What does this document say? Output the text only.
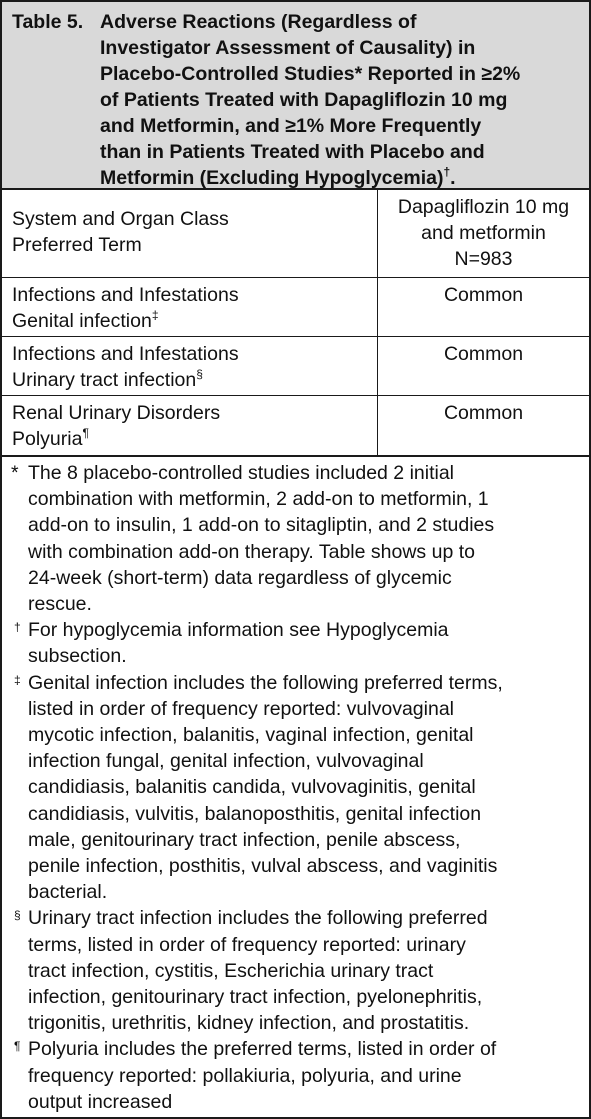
Table 5. Adverse Reactions (Regardless of
Investigator Assessment of Causality) in
Placebo-Controlled Studies* Reported in ≥2%
of Patients Treated with Dapagliflozin 10 mg
and Metformin, and ≥1% More Frequently
than in Patients Treated with Placebo and
Metformin (Excluding Hypoglycemia)†.
System and Organ Class
Preferred Term
Dapagliflozin 10 mg
and metformin
N=983
Infections and Infestations
Genital infection‡
Common
Infections and Infestations
Urinary tract infection§
Common
Renal Urinary Disorders
Polyuria¶
Common
* The 8 placebo-controlled studies included 2 initial
combination with metformin, 2 add-on to metformin, 1
add-on to insulin, 1 add-on to sitagliptin, and 2 studies
with combination add-on therapy. Table shows up to
24-week (short-term) data regardless of glycemic
rescue.
† For hypoglycemia information see Hypoglycemia
subsection.
‡ Genital infection includes the following preferred terms,
listed in order of frequency reported: vulvovaginal
mycotic infection, balanitis, vaginal infection, genital
infection fungal, genital infection, vulvovaginal
candidiasis, balanitis candida, vulvovaginitis, genital
candidiasis, vulvitis, balanoposthitis, genital infection
male, genitourinary tract infection, penile abscess,
penile infection, posthitis, vulval abscess, and vaginitis
bacterial.
§ Urinary tract infection includes the following preferred
terms, listed in order of frequency reported: urinary
tract infection, cystitis, Escherichia urinary tract
infection, genitourinary tract infection, pyelonephritis,
trigonitis, urethritis, kidney infection, and prostatitis.
¶ Polyuria includes the preferred terms, listed in order of
frequency reported: pollakiuria, polyuria, and urine
output increased
